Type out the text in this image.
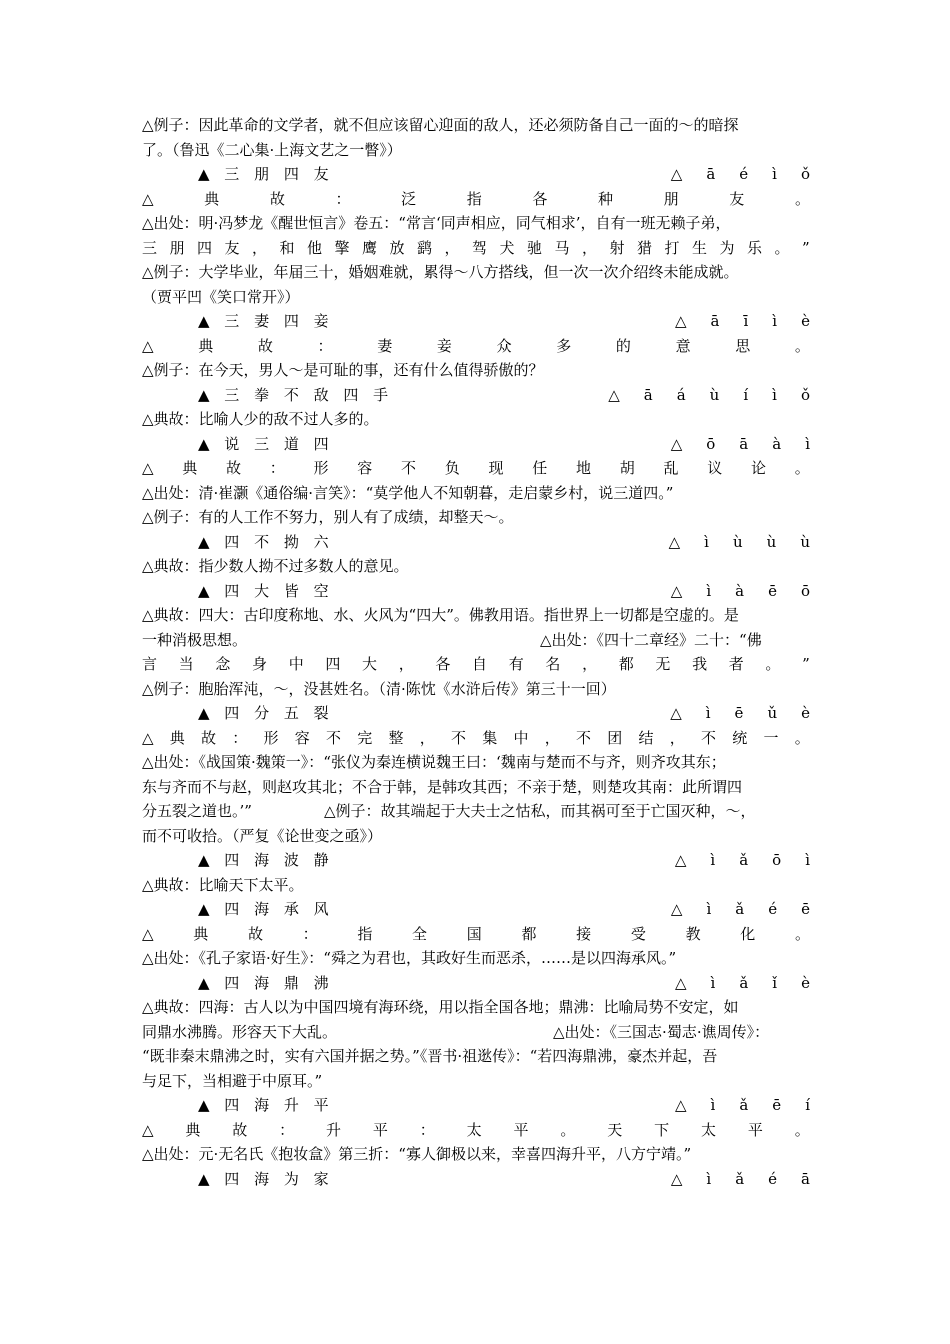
△例子：因此革命的文学者，就不但应该留心迎面的敌人，还必须防备自己一面的～的暗探
了。（鲁迅《二心集·上海文艺之一瞥》）
▲ 三 朋 四 友	△ ā é ì ǒ
△	典	故	：	泛	指	各	种	朋	友	。
△出处：明·冯梦龙《醒世恒言》卷五：“常言‘同声相应，同气相求’，自有一班无赖子弟，
三 朋 四 友 ， 和 他 擎 鹰 放 鹞 ， 驾 犬 驰 马 ， 射 猎 打 生 为 乐 。 ”
△例子：大学毕业，年届三十，婚姻难就，累得～八方搭线，但一次一次介绍终未能成就。
（贾平凹《笑口常开》）
▲ 三 妻 四 妾	△ ā ī ì è
△	典	故	：	妻	妾	众	多	的	意	思	。
△例子：在今天，男人～是可耻的事，还有什么值得骄傲的？
▲ 三 拳 不 敌 四 手	△ ā á ù í ì ǒ
△典故：比喻人少的敌不过人多的。
▲ 说 三 道 四	△ ō ā à ì
△ 典 故 ： 形 容 不 负 现 任 地 胡 乱 议 论 。
△出处：清·崔灏《通俗编·言笑》：“莫学他人不知朝暮，走启蒙乡村，说三道四。”
△例子：有的人工作不努力，别人有了成绩，却整天～。
▲ 四 不 拗 六	△ ì ù ù ù
△典故：指少数人拗不过多数人的意见。
▲ 四 大 皆 空	△ ì à ē ō
△典故：四大：古印度称地、水、火风为“四大”。佛教用语。指世界上一切都是空虚的。是
一种消极思想。	△出处：《四十二章经》二十：“佛
言 当 念 身 中 四 大 ， 各 自 有 名 ， 都 无 我 者 。 ”
△例子：胞胎浑沌，～，没甚姓名。（清·陈忱《水浒后传》第三十一回）
▲ 四 分 五 裂	△ ì ē ǔ è
△ 典 故 ： 形 容 不 完 整 ， 不 集 中 ， 不 团 结 ， 不 统 一 。
△出处：《战国策·魏策一》：“张仪为秦连横说魏王曰：‘魏南与楚而不与齐，则齐攻其东；
东与齐而不与赵，则赵攻其北；不合于韩，是韩攻其西；不亲于楚，则楚攻其南：此所谓四
分五裂之道也。’”	△例子：故其端起于大夫士之怙私，而其祸可至于亡国灭种，～，
而不可收拾。（严复《论世变之亟》）
▲ 四 海 波 静	△ ì ǎ ō ì
△典故：比喻天下太平。
▲ 四 海 承 风	△ ì ǎ é ē
△	典	故	：	指	全	国	都	接	受	教	化	。
△出处：《孔子家语·好生》：“舜之为君也，其政好生而恶杀，……是以四海承风。”
▲ 四 海 鼎 沸	△ ì ǎ ǐ è
△典故：四海：古人以为中国四境有海环绕，用以指全国各地；鼎沸：比喻局势不安定，如
同鼎水沸腾。形容天下大乱。	△出处：《三国志·蜀志·谯周传》：
“既非秦末鼎沸之时，实有六国并据之势。”《晋书·祖逖传》：“若四海鼎沸，豪杰并起，吾
与足下，当相避于中原耳。”
▲ 四 海 升 平	△ ì ǎ ē í
△ 典 故 ： 升 平 ： 太 平 。 天 下 太 平 。
△出处：元·无名氏《抱妆盒》第三折：“寡人御极以来，幸喜四海升平，八方宁靖。”
▲ 四 海 为 家	△ ì ǎ é ā
